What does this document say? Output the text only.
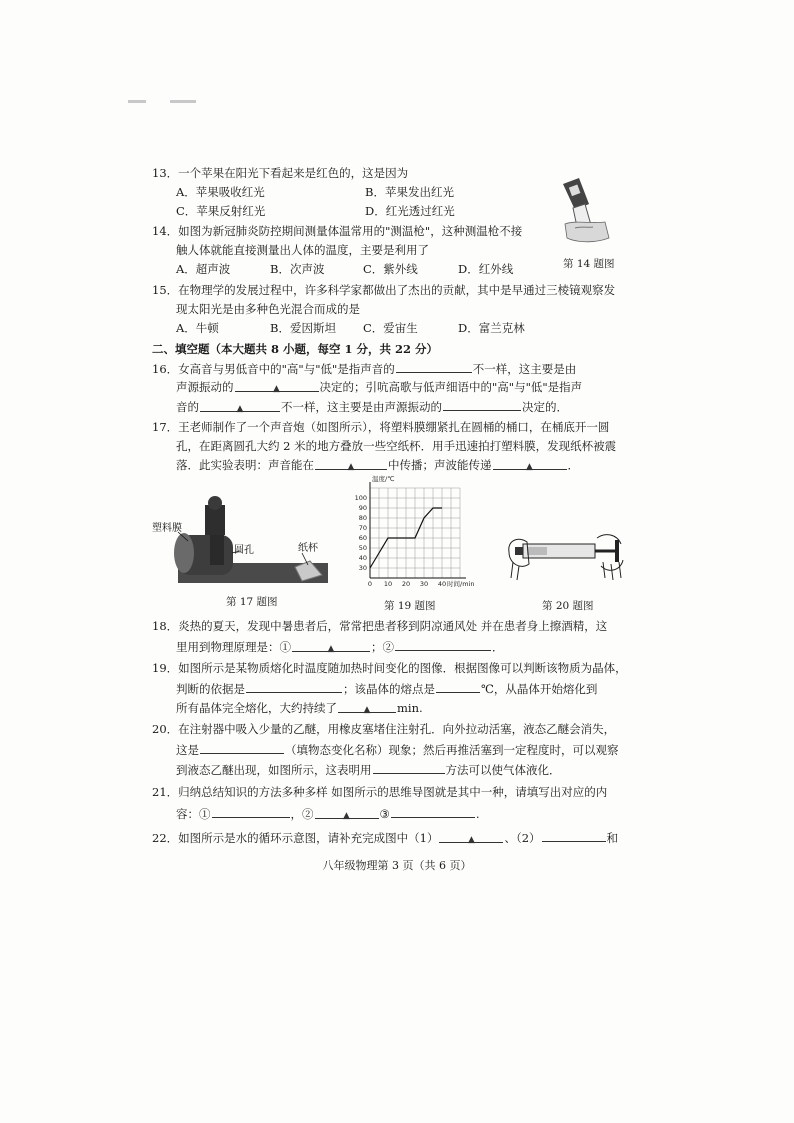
13．一个苹果在阳光下看起来是红色的，这是因为
A．苹果吸收红光	B．苹果发出红光
C．苹果反射红光	D．红光透过红光
14．如图为新冠肺炎防控期间测量体温常用的"测温枪"，这种测温枪不接
触人体就能直接测量出人体的温度，主要是利用了
A．超声波	B．次声波	C．紫外线	D．红外线	第 14 题图
15．在物理学的发展过程中，许多科学家都做出了杰出的贡献，其中是早通过三棱镜观察发
现太阳光是由多种色光混合而成的是
A．牛顿	B．爱因斯坦 C．爱宙生	D．富兰克林
二、填空题（本大题共 8 小题，每空 1 分，共 22 分）
16．女高音与男低音中的"高"与"低"是指声音的	不一样，这主要是由
声源振动的	▲	决定的；引吭高歌与低声细语中的"高"与"低"是指声
音的	▲	不一样，这主要是由声源振动的	决定的．
17．王老师制作了一个声音炮（如图所示），将塑料膜绷紧扎在圆桶的桶口，在桶底开一圆
孔，在距离圆孔大约 2 米的地方叠放一些空纸杯．用手迅速拍打塑料膜，发现纸杯被震
落．此实验表明：声音能在	▲	中传播；声波能传递	▲	．
塑料膜
圆孔	纸杯
第 17 题图
0 10 20 30 40
30
40
50
60
70
80
90
100
温度/℃
时间/min
第 19 题图	第 20 题图
18．炎热的夏天，发现中暑患者后，常常把患者移到阴凉通风处 并在患者身上擦酒精，这
里用到物理原理是：①	▲	；②	．
19．如图所示是某物质熔化时温度随加热时间变化的图像．根据图像可以判断该物质为晶体，
判断的依据是	；该晶体的熔点是	℃，从晶体开始熔化到
所有晶体完全熔化，大约持续了	▲ min.
20．在注射器中吸入少量的乙醚，用橡皮塞堵住注射孔．向外拉动活塞，液态乙醚会消失，
这是	（填物态变化名称）现象；然后再推活塞到一定程度时，可以观察
到液态乙醚出现，如图所示，这表明用	方法可以使气体液化．
21．归纳总结知识的方法多种多样 如图所示的思维导图就是其中一种，请填写出对应的内
容：①	，②	▲	③	.
22．如图所示是水的循环示意图，请补充完成图中（1）	▲	、（2）	和
八年级物理第 3 页（共 6 页）
